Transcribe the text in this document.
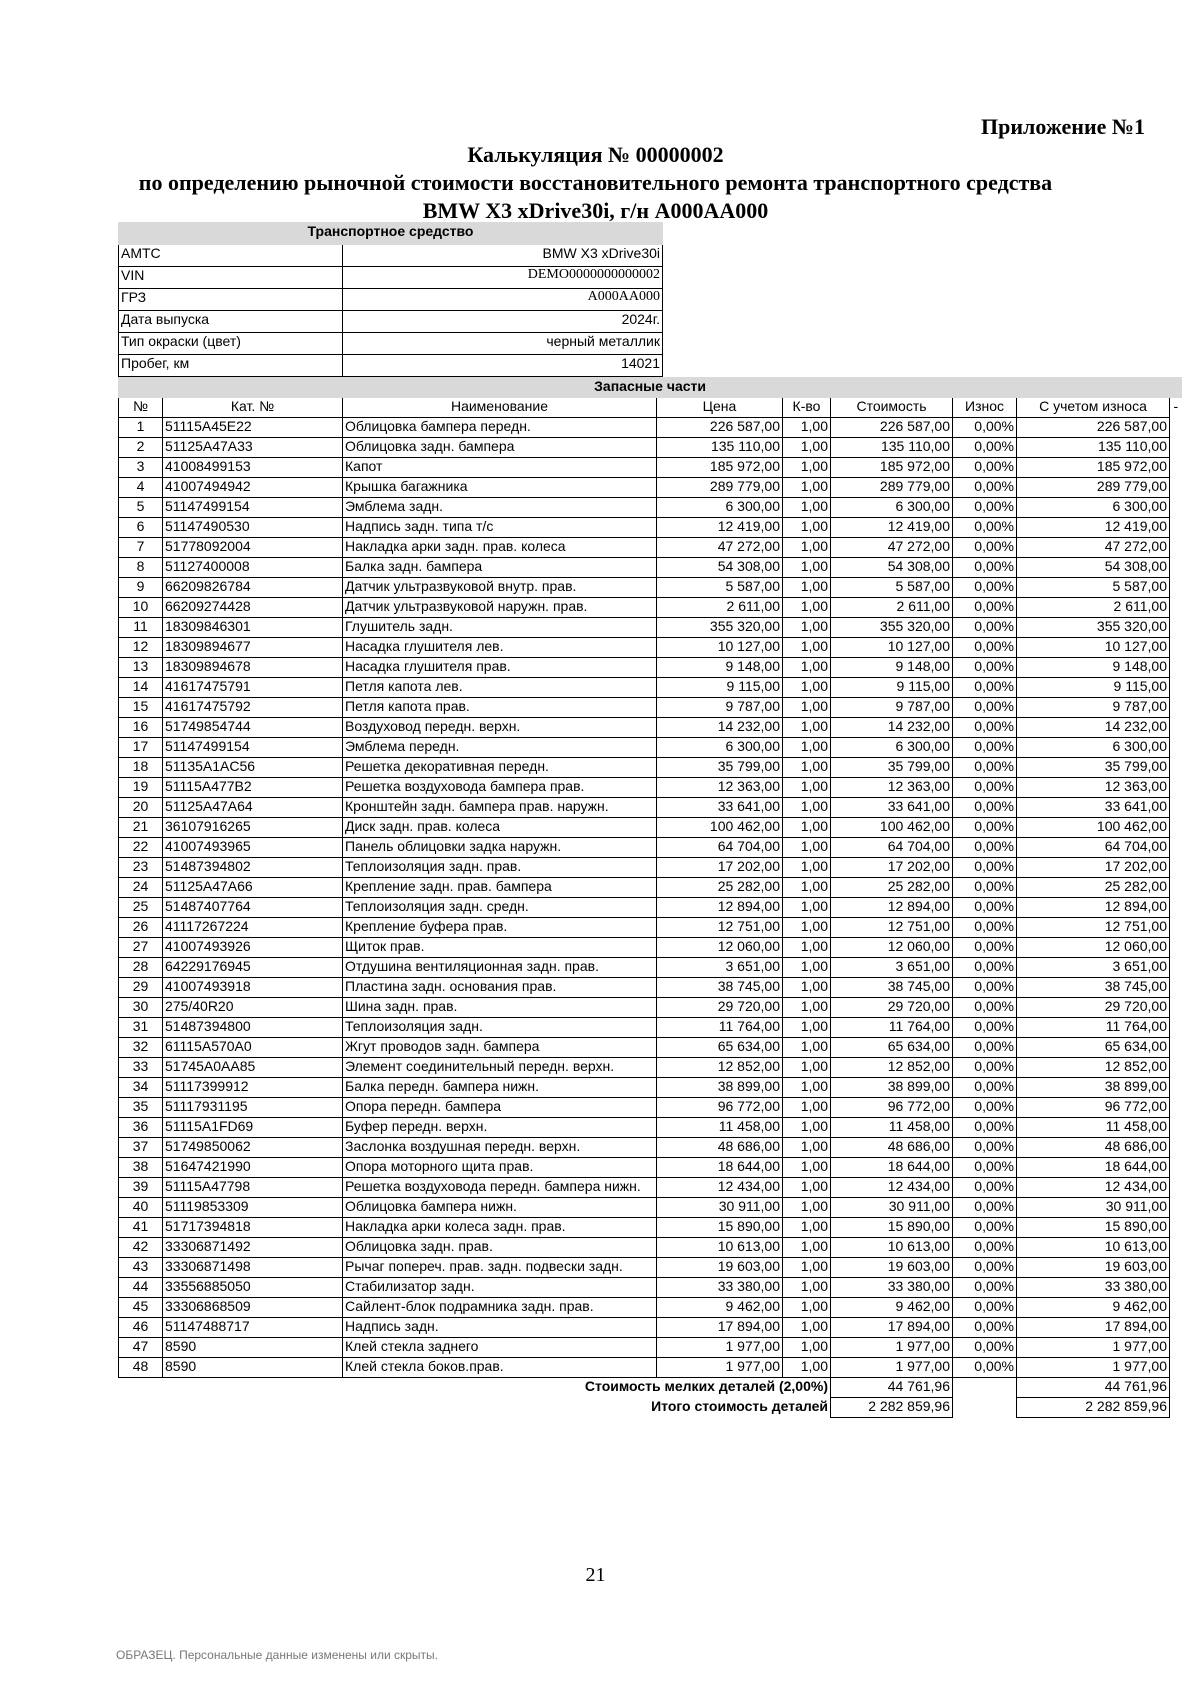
Приложение №1
Калькуляция № 00000002
по определению рыночной стоимости восстановительного ремонта транспортного средства
BMW X3 xDrive30i, г/н А000АА000
Транспортное средство	
АМТС	BMW X3 xDrive30i
VIN	DEMO0000000000002
ГРЗ	А000АА000
Дата выпуска	2024г.
Тип окраски (цвет)	черный металлик
Пробег, км	14021
Запасные части								
№	Кат. №	Наименование	Цена	К-во	Стоимость	Износ	С учетом износа	-
1	51115A45E22	Облицовка бампера передн.	226 587,00	1,00	226 587,00	0,00%	226 587,00	
2	51125A47A33	Облицовка задн. бампера	135 110,00	1,00	135 110,00	0,00%	135 110,00	
3	41008499153	Капот	185 972,00	1,00	185 972,00	0,00%	185 972,00	
4	41007494942	Крышка багажника	289 779,00	1,00	289 779,00	0,00%	289 779,00	
5	51147499154	Эмблема задн.	6 300,00	1,00	6 300,00	0,00%	6 300,00	
6	51147490530	Надпись задн. типа т/с	12 419,00	1,00	12 419,00	0,00%	12 419,00	
7	51778092004	Накладка арки задн. прав. колеса	47 272,00	1,00	47 272,00	0,00%	47 272,00	
8	51127400008	Балка задн. бампера	54 308,00	1,00	54 308,00	0,00%	54 308,00	
9	66209826784	Датчик ультразвуковой внутр. прав.	5 587,00	1,00	5 587,00	0,00%	5 587,00	
10	66209274428	Датчик ультразвуковой наружн. прав.	2 611,00	1,00	2 611,00	0,00%	2 611,00	
11	18309846301	Глушитель задн.	355 320,00	1,00	355 320,00	0,00%	355 320,00	
12	18309894677	Насадка глушителя лев.	10 127,00	1,00	10 127,00	0,00%	10 127,00	
13	18309894678	Насадка глушителя прав.	9 148,00	1,00	9 148,00	0,00%	9 148,00	
14	41617475791	Петля капота лев.	9 115,00	1,00	9 115,00	0,00%	9 115,00	
15	41617475792	Петля капота прав.	9 787,00	1,00	9 787,00	0,00%	9 787,00	
16	51749854744	Воздуховод передн. верхн.	14 232,00	1,00	14 232,00	0,00%	14 232,00	
17	51147499154	Эмблема передн.	6 300,00	1,00	6 300,00	0,00%	6 300,00	
18	51135A1AC56	Решетка декоративная передн.	35 799,00	1,00	35 799,00	0,00%	35 799,00	
19	51115A477B2	Решетка воздуховода бампера прав.	12 363,00	1,00	12 363,00	0,00%	12 363,00	
20	51125A47A64	Кронштейн задн. бампера прав. наружн.	33 641,00	1,00	33 641,00	0,00%	33 641,00	
21	36107916265	Диск задн. прав. колеса	100 462,00	1,00	100 462,00	0,00%	100 462,00	
22	41007493965	Панель облицовки задка наружн.	64 704,00	1,00	64 704,00	0,00%	64 704,00	
23	51487394802	Теплоизоляция задн. прав.	17 202,00	1,00	17 202,00	0,00%	17 202,00	
24	51125A47A66	Крепление задн. прав. бампера	25 282,00	1,00	25 282,00	0,00%	25 282,00	
25	51487407764	Теплоизоляция задн. средн.	12 894,00	1,00	12 894,00	0,00%	12 894,00	
26	41117267224	Крепление буфера прав.	12 751,00	1,00	12 751,00	0,00%	12 751,00	
27	41007493926	Щиток прав.	12 060,00	1,00	12 060,00	0,00%	12 060,00	
28	64229176945	Отдушина вентиляционная задн. прав.	3 651,00	1,00	3 651,00	0,00%	3 651,00	
29	41007493918	Пластина задн. основания прав.	38 745,00	1,00	38 745,00	0,00%	38 745,00	
30	275/40R20	Шина задн. прав.	29 720,00	1,00	29 720,00	0,00%	29 720,00	
31	51487394800	Теплоизоляция задн.	11 764,00	1,00	11 764,00	0,00%	11 764,00	
32	61115A570A0	Жгут проводов задн. бампера	65 634,00	1,00	65 634,00	0,00%	65 634,00	
33	51745A0AA85	Элемент соединительный передн. верхн.	12 852,00	1,00	12 852,00	0,00%	12 852,00	
34	51117399912	Балка передн. бампера нижн.	38 899,00	1,00	38 899,00	0,00%	38 899,00	
35	51117931195	Опора передн. бампера	96 772,00	1,00	96 772,00	0,00%	96 772,00	
36	51115A1FD69	Буфер передн. верхн.	11 458,00	1,00	11 458,00	0,00%	11 458,00	
37	51749850062	Заслонка воздушная передн. верхн.	48 686,00	1,00	48 686,00	0,00%	48 686,00	
38	51647421990	Опора моторного щита прав.	18 644,00	1,00	18 644,00	0,00%	18 644,00	
39	51115A47798	Решетка воздуховода передн. бампера нижн.	12 434,00	1,00	12 434,00	0,00%	12 434,00	
40	51119853309	Облицовка бампера нижн.	30 911,00	1,00	30 911,00	0,00%	30 911,00	
41	51717394818	Накладка арки колеса задн. прав.	15 890,00	1,00	15 890,00	0,00%	15 890,00	
42	33306871492	Облицовка задн. прав.	10 613,00	1,00	10 613,00	0,00%	10 613,00	
43	33306871498	Рычаг попереч. прав. задн. подвески задн.	19 603,00	1,00	19 603,00	0,00%	19 603,00	
44	33556885050	Стабилизатор задн.	33 380,00	1,00	33 380,00	0,00%	33 380,00	
45	33306868509	Сайлент-блок подрамника задн. прав.	9 462,00	1,00	9 462,00	0,00%	9 462,00	
46	51147488717	Надпись задн.	17 894,00	1,00	17 894,00	0,00%	17 894,00	
47	8590	Клей стекла заднего	1 977,00	1,00	1 977,00	0,00%	1 977,00	
48	8590	Клей стекла боков.прав.	1 977,00	1,00	1 977,00	0,00%	1 977,00	
Стоимость мелких деталей (2,00%)					44 761,96		44 761,96	
Итого стоимость деталей					2 282 859,96		2 282 859,96	
21
ОБРАЗЕЦ. Персональные данные изменены или скрыты.
